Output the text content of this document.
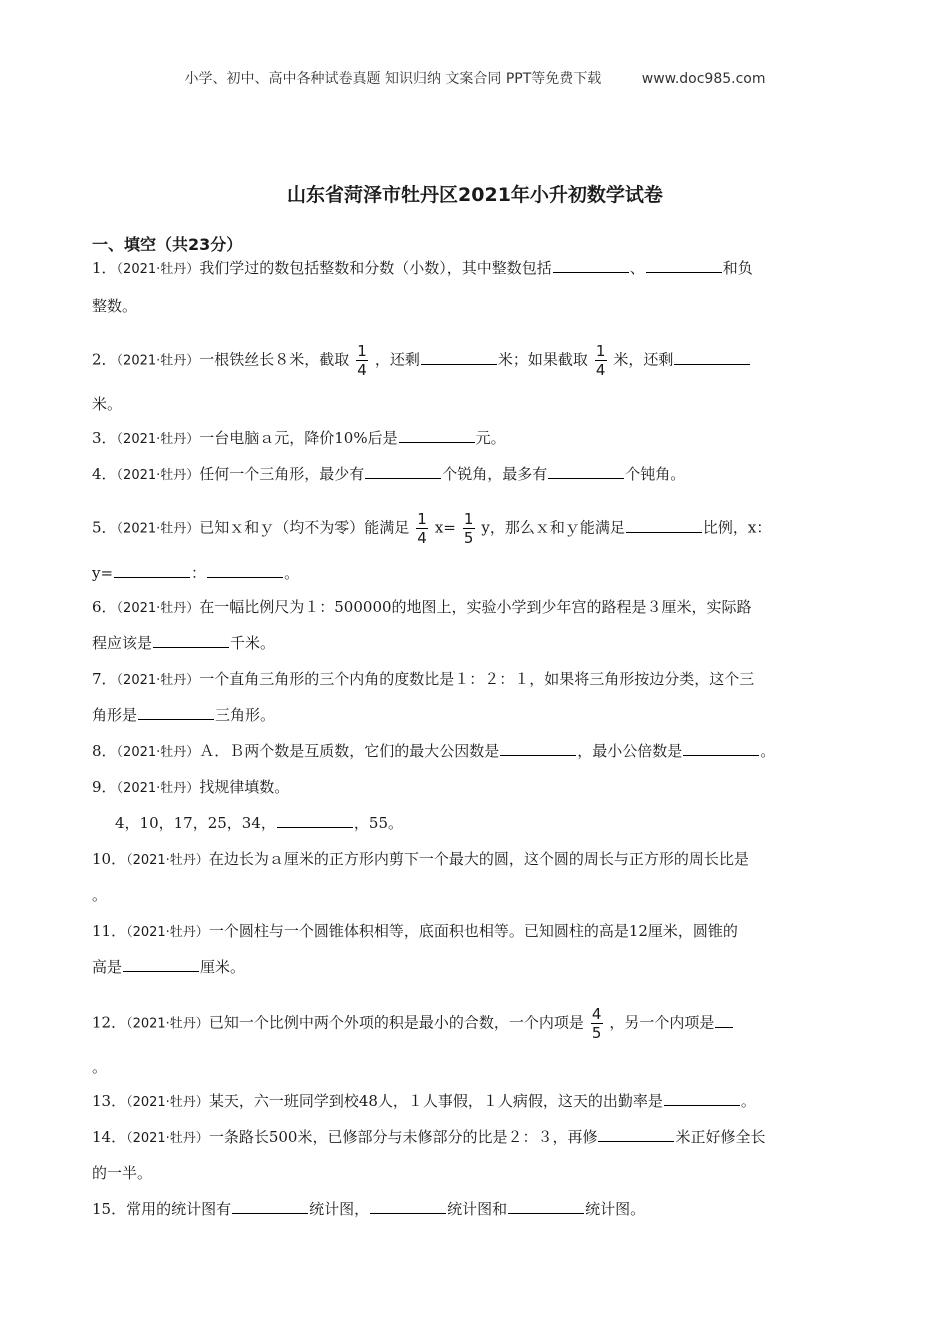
小学、初中、高中各种试卷真题 知识归纳 文案合同 PPT等免费下载	www.doc985.com
山东省菏泽市牡丹区2021年小升初数学试卷
一、填空（共23分）
1．（2021·牡丹）我们学过的数包括整数和分数（小数），其中整数包括	、	和负
整数。
2．（2021·牡丹）一根铁丝长８米，截取 $\frac{1}{4}$ ，还剩	米；如果截取 $\frac{1}{4}$ 米，还剩
米。
3．（2021·牡丹）一台电脑ａ元，降价10%后是	元。
4．（2021·牡丹）任何一个三角形，最少有	个锐角，最多有	个钝角。
5．（2021·牡丹）已知ｘ和ｙ（均不为零）能满足 $\frac{1}{4} x= \frac{1}{5}$ y，那么ｘ和ｙ能满足	比例，x：
y=	：	。
6．（2021·牡丹）在一幅比例尺为１：500000的地图上，实验小学到少年宫的路程是３厘米，实际路
程应该是	千米。
7．（2021·牡丹）一个直角三角形的三个内角的度数比是１：２：１，如果将三角形按边分类，这个三
角形是	三角形。
8．（2021·牡丹）Ａ．Ｂ两个数是互质数，它们的最大公因数是	，最小公倍数是	。
9．（2021·牡丹）找规律填数。
4，10，17，25，34，	，55。
10．（2021·牡丹）在边长为ａ厘米的正方形内剪下一个最大的圆，这个圆的周长与正方形的周长比是
。
11．（2021·牡丹）一个圆柱与一个圆锥体积相等，底面积也相等。已知圆柱的高是12厘米，圆锥的
高是	厘米。
12．（2021·牡丹）已知一个比例中两个外项的积是最小的合数，一个内项是 $\frac{4}{5}$ ，另一个内项是
。
13．（2021·牡丹）某天，六一班同学到校48人，１人事假，１人病假，这天的出勤率是	。
14．（2021·牡丹）一条路长500米，已修部分与未修部分的比是２：３，再修	米正好修全长
的一半。
15．常用的统计图有	统计图，	统计图和	统计图。
